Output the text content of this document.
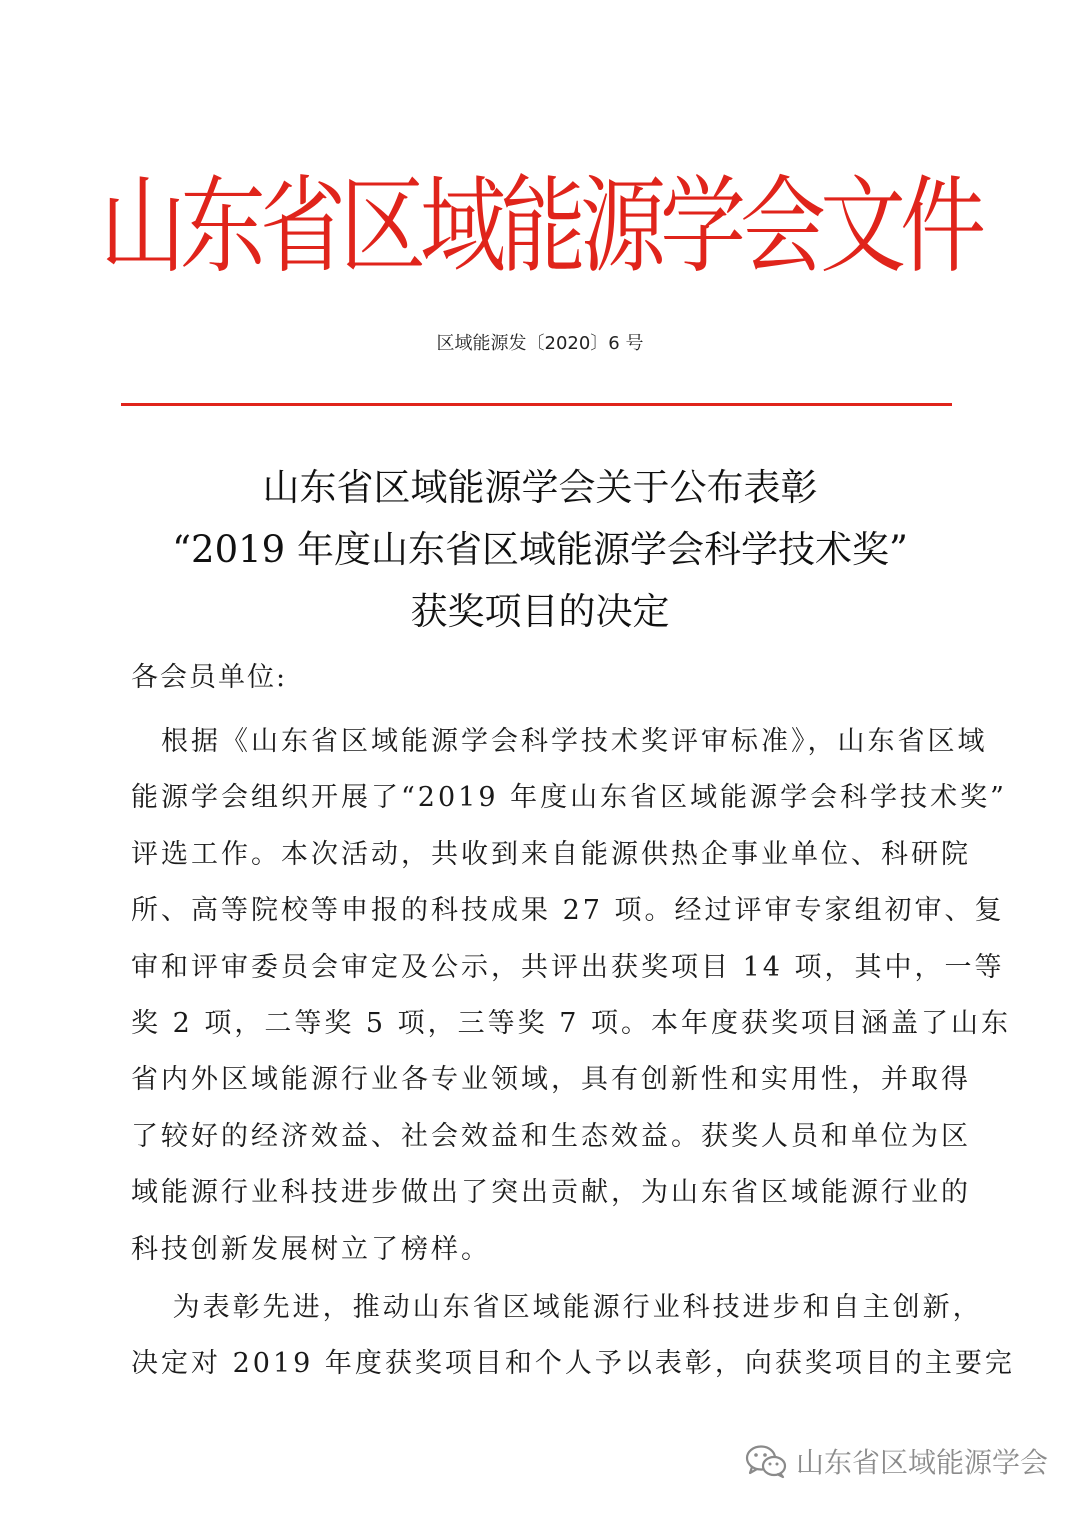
山东省区域能源学会文件
区域能源发〔2020〕6 号
山东省区域能源学会关于公布表彰
“2019 年度山东省区域能源学会科学技术奖”
获奖项目的决定
各会员单位:
　根据《山东省区域能源学会科学技术奖评审标准》，山东省区域
能源学会组织开展了“2019 年度山东省区域能源学会科学技术奖”
评选工作。本次活动，共收到来自能源供热企事业单位、科研院
所、高等院校等申报的科技成果 27 项。经过评审专家组初审、复
审和评审委员会审定及公示，共评出获奖项目 14 项，其中，一等
奖 2 项，二等奖 5 项，三等奖 7 项。本年度获奖项目涵盖了山东
省内外区域能源行业各专业领域，具有创新性和实用性，并取得
了较好的经济效益、社会效益和生态效益。获奖人员和单位为区
域能源行业科技进步做出了突出贡献，为山东省区域能源行业的
科技创新发展树立了榜样。
　 为表彰先进，推动山东省区域能源行业科技进步和自主创新，
决定对 2019 年度获奖项目和个人予以表彰，向获奖项目的主要完
山东省区域能源学会
